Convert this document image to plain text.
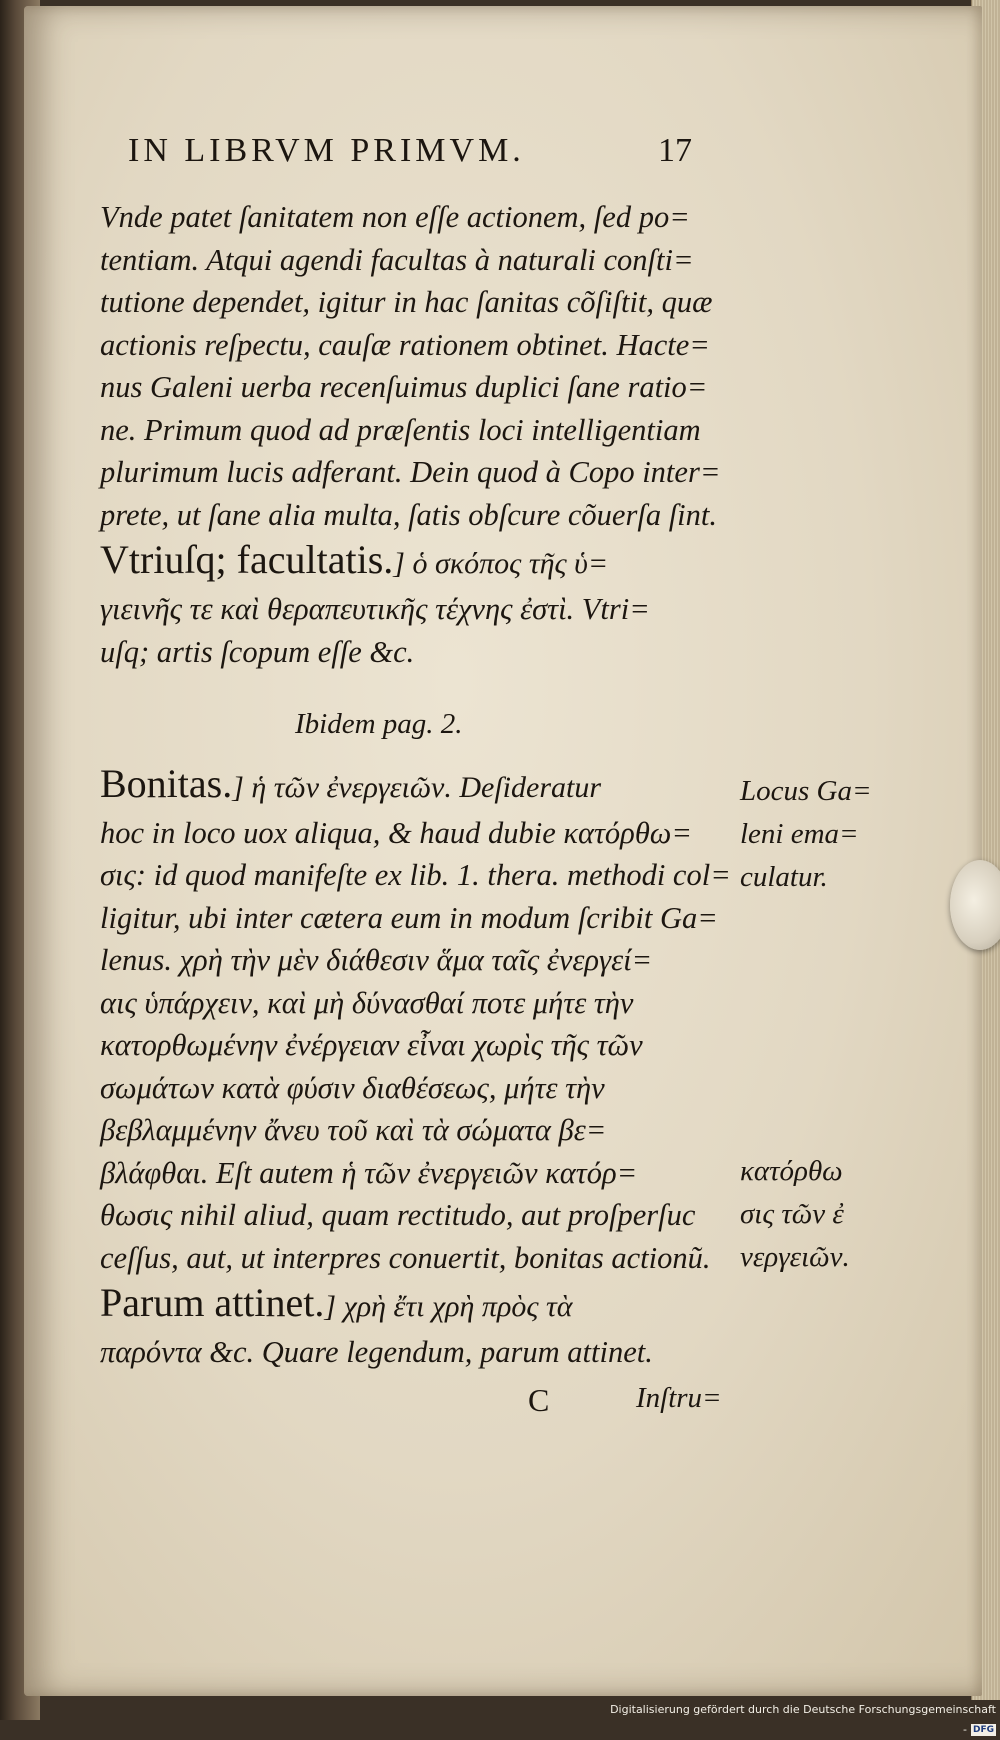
IN LIBRVM PRIMVM.	17
Vnde patet ſanitatem non eſſe actionem, ſed po=
tentiam. Atqui agendi facultas à naturali conſti=
tutione dependet, igitur in hac ſanitas cõſiſtit, quæ
actionis reſpectu, cauſæ rationem obtinet. Hacte=
nus Galeni uerba recenſuimus duplici ſane ratio=
ne. Primum quod ad præſentis loci intelligentiam
plurimum lucis adferant. Dein quod à Copo inter=
prete, ut ſane alia multa, ſatis obſcure cõuerſa ſint.
Vtriuſq; facultatis.] ὁ σκόπος τῆς ὑ=
γιεινῆς τε καὶ θεραπευτικῆς τέχνης ἐστὶ. Vtri=
uſq; artis ſcopum eſſe &c.
Ibidem pag. 2.
Bonitas.] ἡ τῶν ἐνεργειῶν. Deſideratur
hoc in loco uox aliqua, & haud dubie κατόρθω=
σις: id quod manifeſte ex lib. 1. thera. methodi col=
ligitur, ubi inter cætera eum in modum ſcribit Ga=
lenus. χρὴ τὴν μὲν διάθεσιν ἅμα ταῖς ἐνεργεί=
αις ὑπάρχειν, καὶ μὴ δύνασθαί ποτε μήτε τὴν
κατορθωμένην ἐνέργειαν εἶναι χωρὶς τῆς τῶν
σωμάτων κατὰ φύσιν διαθέσεως, μήτε τὴν
βεβλαμμένην ἄνευ τοῦ καὶ τὰ σώματα βε=
βλάφθαι. Eſt autem ἡ τῶν ἐνεργειῶν κατόρ=
θωσις nihil aliud, quam rectitudo, aut proſperſuc
ceſſus, aut, ut interpres conuertit, bonitas actionũ.
Parum attinet.] χρὴ ἔτι χρὴ πρὸς τὰ
παρόντα &c. Quare legendum, parum attinet.
Locus Ga=
leni ema=
culatur.
κατόρθω
σις τῶν ἐ
νεργειῶν.
C	Inſtru=
Digitalisierung gefördert durch die Deutsche Forschungsgemeinschaft - DFG
